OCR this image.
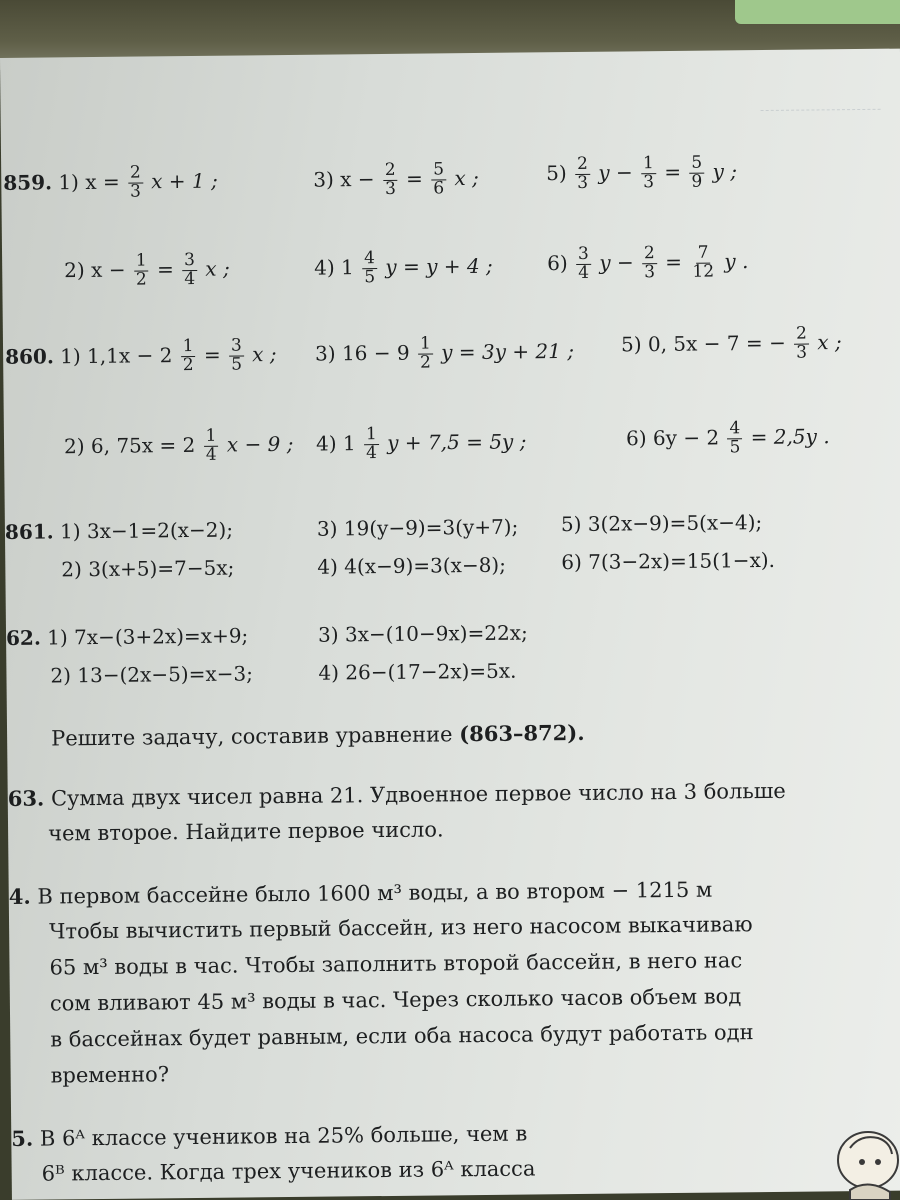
859. 1) $x = \frac{2}{3}$ x + 1 ;	3) $x - \frac{2}{3} = \frac{5}{6}$ x ;	$5) \frac{2}{3}$ $y - \frac{1}{3} = \frac{5}{9}$ y ;
2) $x - \frac{1}{2} = \frac{3}{4}$ x ;	4) $1 \frac{4}{5}$ y = y + 4 ;	$6) \frac{3}{4}$ $y - \frac{2}{3} = \frac{7}{12}$ y .
860. 1) $1,1x - 2 \frac{1}{2} = \frac{3}{5}$ x ; 3) $16 - 9 \frac{1}{2}$ y = 3y + 21 ; 5) 0, 5x − 7 = − $\frac{2}{3}$ x ;
2) 6, $75x = 2 \frac{1}{4}$ x − 9 ; 4) $1 \frac{1}{4}$ y + 7,5 = 5y ;	6) $6y - 2 \frac{4}{5} = 2,5y$ .
861. 1) 3x−1=2(x−2);	3) 19(y−9)=3(y+7); 5) 3(2x−9)=5(x−4);
2) 3(x+5)=7−5x;	4) 4(x−9)=3(x−8);	6) 7(3−2x)=15(1−x).
62. 1) 7x−(3+2x)=x+9;	3) 3x−(10−9x)=22x;
2) 13−(2x−5)=x−3;	4) 26−(17−2x)=5x.
Решите задачу, составив уравнение (863–872).
63. Сумма двух чисел равна 21. Удвоенное первое число на 3 больше
чем второе. Найдите первое число.
4. В первом бассейне было 1600 м³ воды, а во втором − 1215 м
Чтобы вычистить первый бассейн, из него насосом выкачиваю
65 м³ воды в час. Чтобы заполнить второй бассейн, в него нас
сом вливают 45 м³ воды в час. Через сколько часов объем вод
в бассейнах будет равным, если оба насоса будут работать одн
временно?
5. В 6ᴬ классе учеников на 25% больше, чем в
6ᴮ классе. Когда трех учеников из 6ᴬ класса
